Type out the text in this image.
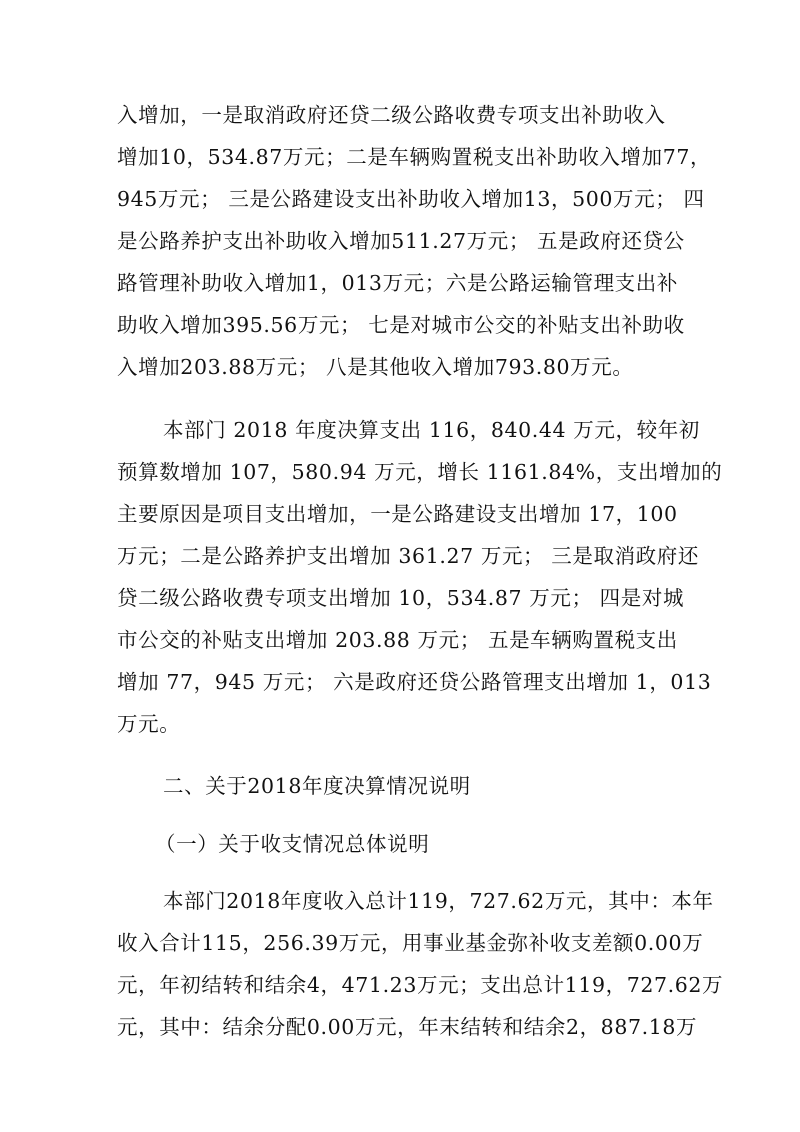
入增加，一是取消政府还贷二级公路收费专项支出补助收入
增加10，534.87万元；二是车辆购置税支出补助收入增加77，
945万元； 三是公路建设支出补助收入增加13，500万元； 四
是公路养护支出补助收入增加511.27万元； 五是政府还贷公
路管理补助收入增加1，013万元；六是公路运输管理支出补
助收入增加395.56万元； 七是对城市公交的补贴支出补助收
入增加203.88万元； 八是其他收入增加793.80万元。
本部门 2018 年度决算支出 116，840.44 万元，较年初
预算数增加 107，580.94 万元，增长 1161.84%，支出增加的
主要原因是项目支出增加，一是公路建设支出增加 17，100
万元；二是公路养护支出增加 361.27 万元； 三是取消政府还
贷二级公路收费专项支出增加 10，534.87 万元； 四是对城
市公交的补贴支出增加 203.88 万元； 五是车辆购置税支出
增加 77，945 万元； 六是政府还贷公路管理支出增加 1，013
万元。
二、关于2018年度决算情况说明
（一）关于收支情况总体说明
本部门2018年度收入总计119，727.62万元，其中：本年
收入合计115，256.39万元，用事业基金弥补收支差额0.00万
元，年初结转和结余4，471.23万元；支出总计119，727.62万
元，其中：结余分配0.00万元，年末结转和结余2，887.18万
